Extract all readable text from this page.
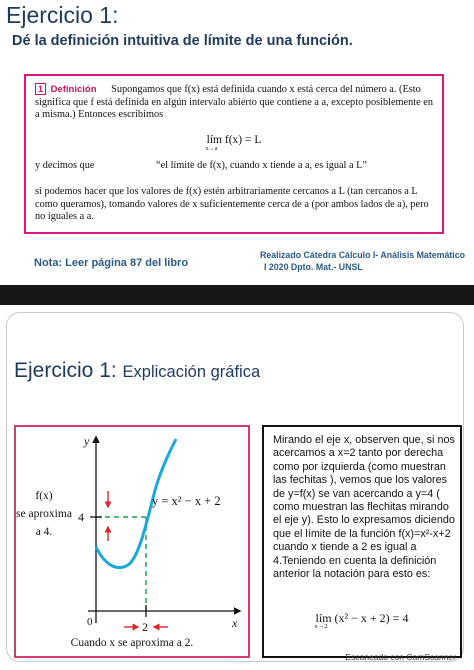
Ejercicio 1:
Dé la definición intuitiva de límite de una función.
1 Definición Supongamos que f(x) está definida cuando x está cerca del número a. (Esto significa que f está definida en algún intervalo abierto que contiene a a, excepto posiblemente en a misma.) Entonces escribimos
lím
x→a
f(x) = L
y decimos que	“el límite de f(x), cuando x tiende a a, es igual a L”
si podemos hacer que los valores de f(x) estén arbitrariamente cercanos a L (tan cercanos a L como queramos), tomando valores de x suficientemente cerca de a (por ambos lados de a), pero no iguales a a.
Nota: Leer página 87 del libro
Realizado Cátedra Cálculo I- Análisis Matemático
I 2020 Dpto. Mat.- UNSL
Ejercicio 1: Explicación gráfica
y
x
0
4
2
y = x² − x + 2
f(x)
se aproxima
a 4.
Cuando x se aproxima a 2.
Mirando el eje x, observen que, si nos acercamos a x=2 tanto por derecha como por izquierda (como muestran las fechitas ), vemos que los valores de y=f(x) se van acercando a y=4 ( como muestran las flechitas mirando el eje y). Esto lo expresamos diciendo que el límite de la función f(x)=x²-x+2 cuando x tiende a 2 es igual a 4.Teniendo en cuenta la definición anterior la notación para esto es:
lím
x→2
(x² − x + 2) = 4
Escaneado con CamScanner
